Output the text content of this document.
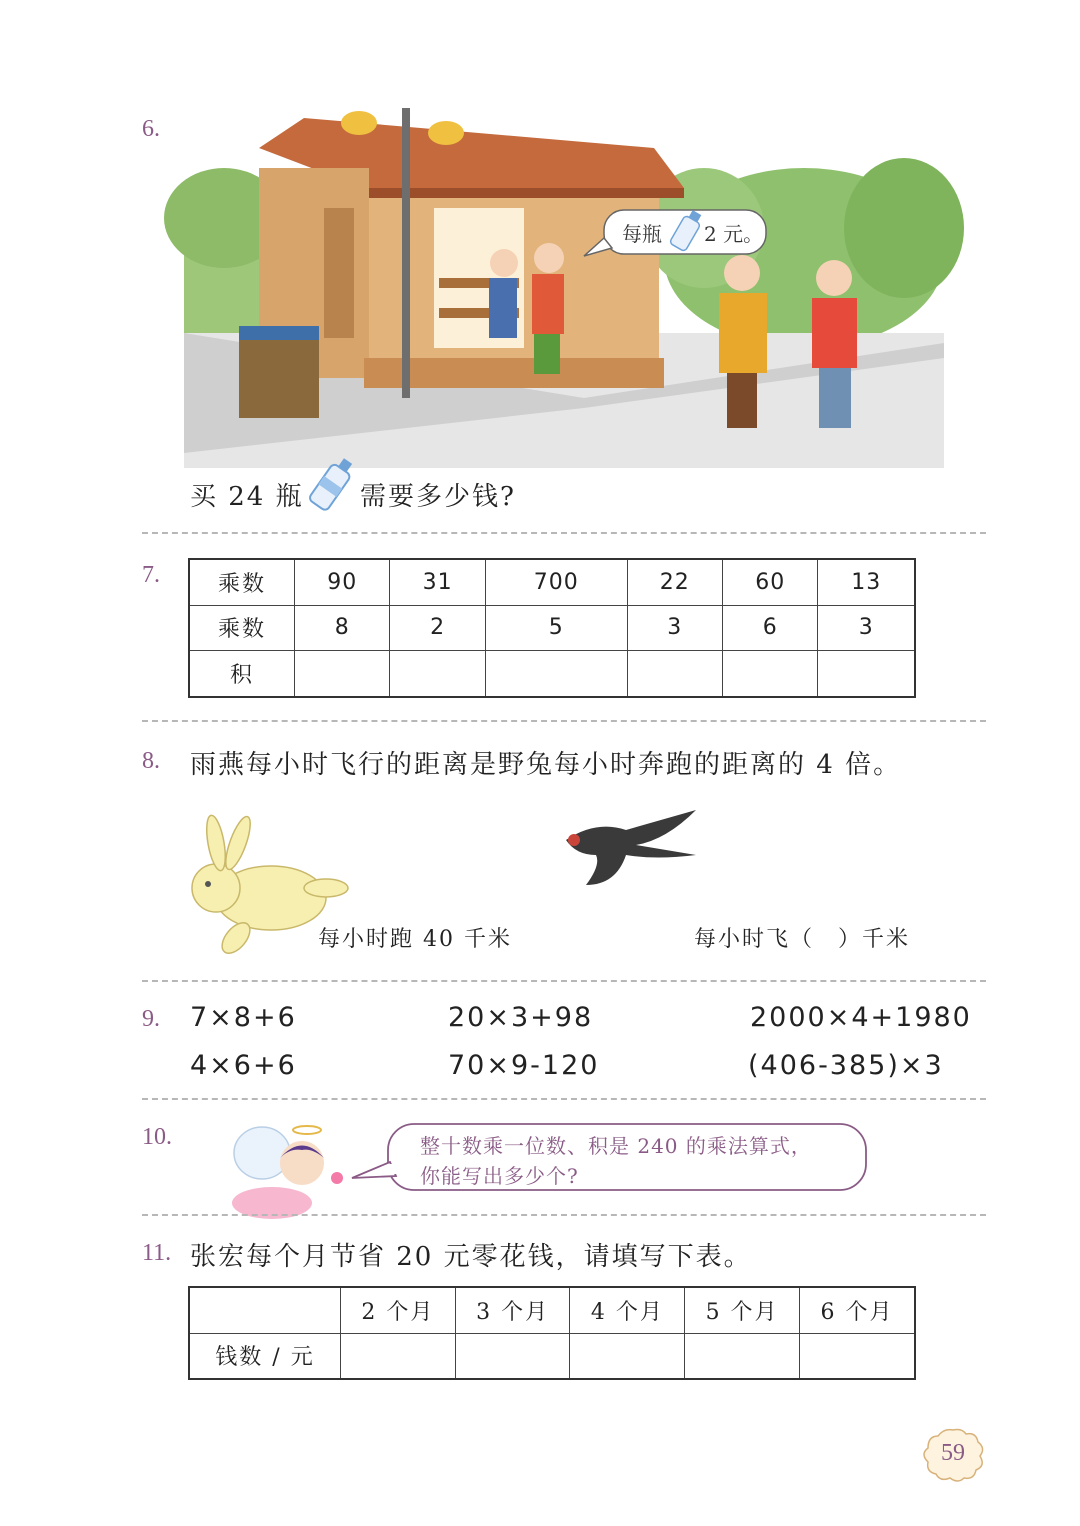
6.
每瓶 2 元。
买 24 瓶 需要多少钱?
7.	乘数	90	31	700	22	60	13
乘数	8	2	5	3	6	3
积						
8. 雨燕每小时飞行的距离是野兔每小时奔跑的距离的 4 倍。
每小时跑 40 千米	每小时飞（　）千米
9. 7×8+6	20×3+98	2000×4+1980
4×6+6	70×9-120	(406-385)×3
10.	整十数乘一位数、积是 240 的乘法算式，
你能写出多少个?
11. 张宏每个月节省 20 元零花钱，请填写下表。
	2 个月	3 个月	4 个月	5 个月	6 个月
钱数 / 元					
59
